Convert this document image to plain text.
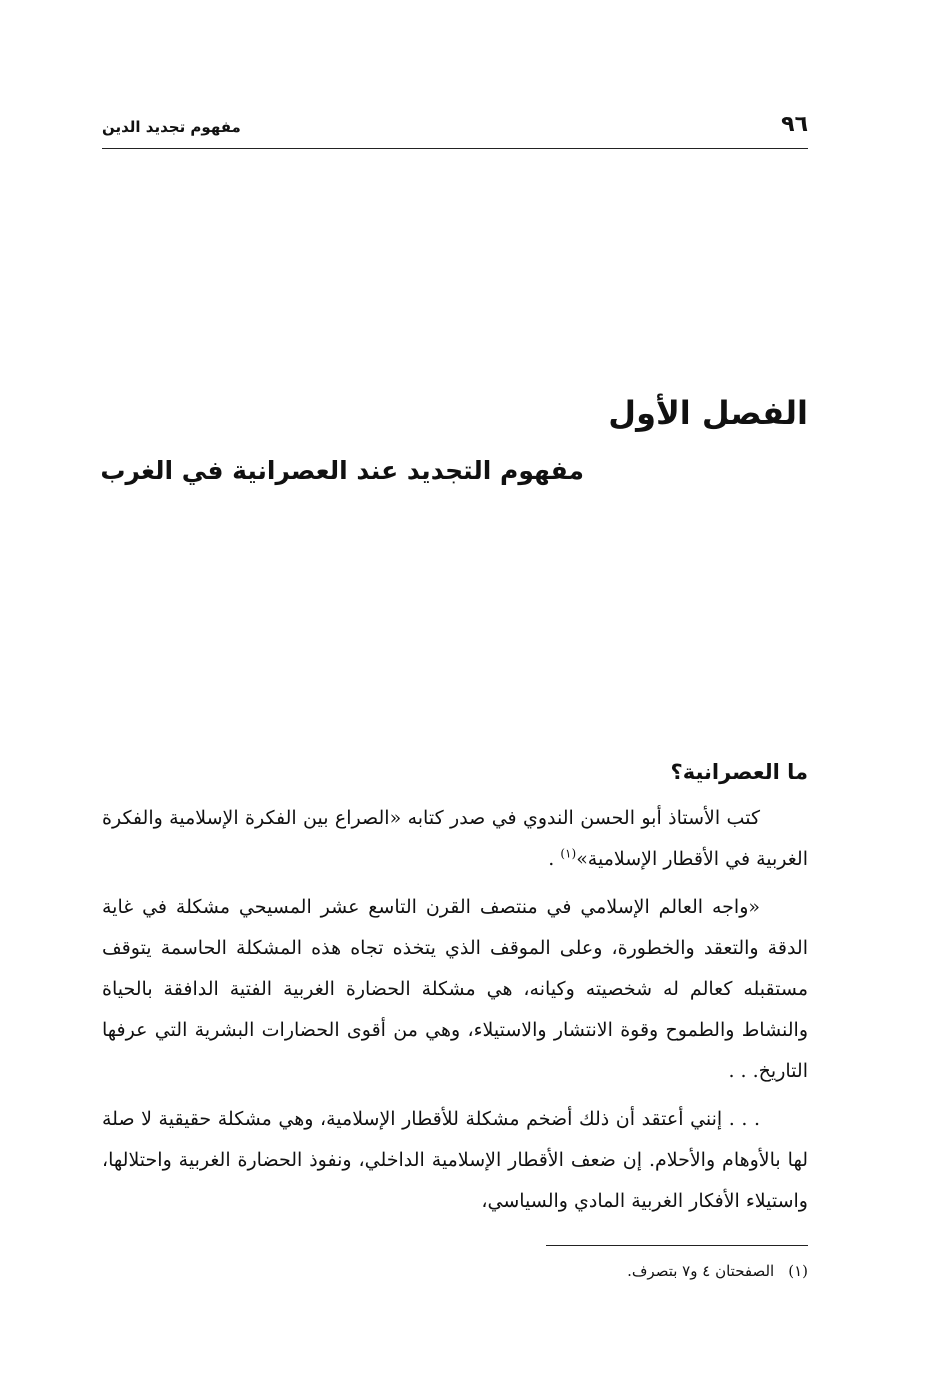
٩٦
مفهوم تجديد الدين
الفصل الأول
مفهوم التجديد عند العصرانية في الغرب
ما العصرانية؟

كتب الأستاذ أبو الحسن الندوي في صدر كتابه «الصراع بين الفكرة الإسلامية والفكرة الغربية في الأقطار الإسلامية»$^{(١)}$ .

«واجه العالم الإسلامي في منتصف القرن التاسع عشر المسيحي مشكلة في غاية الدقة والتعقد والخطورة، وعلى الموقف الذي يتخذه تجاه هذه المشكلة الحاسمة يتوقف مستقبله كعالم له شخصيته وكيانه، هي مشكلة الحضارة الغربية الفتية الدافقة بالحياة والنشاط والطموح وقوة الانتشار والاستيلاء، وهي من أقوى الحضارات البشرية التي عرفها التاريخ. . .

. . . إنني أعتقد أن ذلك أضخم مشكلة للأقطار الإسلامية، وهي مشكلة حقيقية لا صلة لها بالأوهام والأحلام. إن ضعف الأقطار الإسلامية الداخلي، ونفوذ الحضارة الغربية واحتلالها، واستيلاء الأفكار الغربية المادي والسياسي،

(١)الصفحتان ٤ و٧ بتصرف.
